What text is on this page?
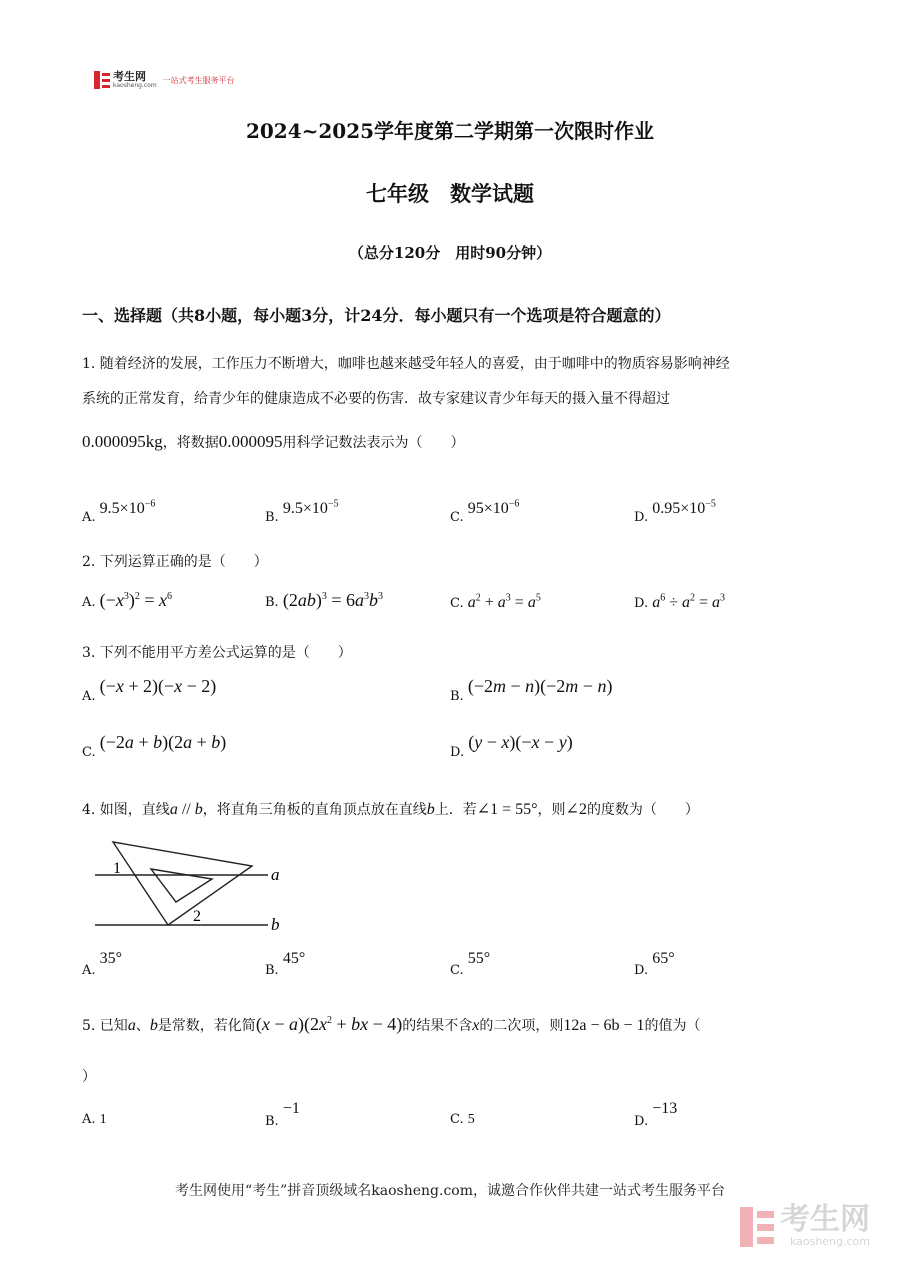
考生网
kaosheng.com
一站式考生服务平台
2024~2025学年度第二学期第一次限时作业
七年级　数学试题
（总分120分　用时90分钟）
一、选择题（共8小题，每小题3分，计24分．每小题只有一个选项是符合题意的）
1. 随着经济的发展，工作压力不断增大，咖啡也越来越受年轻人的喜爱，由于咖啡中的物质容易影响神经
系统的正常发育，给青少年的健康造成不必要的伤害．故专家建议青少年每天的摄入量不得超过
0.000095kg，将数据0.000095用科学记数法表示为（　　）
A. $9.5\times 10^{-6}$
B. $9.5\times 10^{-5}$
C. $95\times 10^{-6}$
D. $0.95\times 10^{-5}$
2. 下列运算正确的是（　　）
A. $(-x^3)^2 = x^6$	B. $(2ab)^3 = 6a^3b^3$	C. $a^2 + a^3 = a^5$	D. $a^6 \div a^2 = a^3$
3. 下列不能用平方差公式运算的是（　　）
A. (−x + 2)(−x − 2)
B. (−2m − n)(−2m − n)
C. (−2a + b)(2a + b)
D. (y − x)(−x − y)
4. 如图，直线a // b，将直角三角板的直角顶点放在直线b上．若∠1 = 55°，则∠2的度数为（　　）
1
2
a
b
A. 35°
B. 45°
C. 55°
D. 65°
5. 已知a、b是常数，若化简$(x - a)(2x^2$ + bx − 4)的结果不含x的二次项，则12a − 6b − 1的值为（
）
A. 1	B. −1
C. 5	D. −13
考生网使用“考生”拼音顶级域名kaosheng.com，诚邀合作伙伴共建一站式考生服务平台
考生网
kaosheng.com
